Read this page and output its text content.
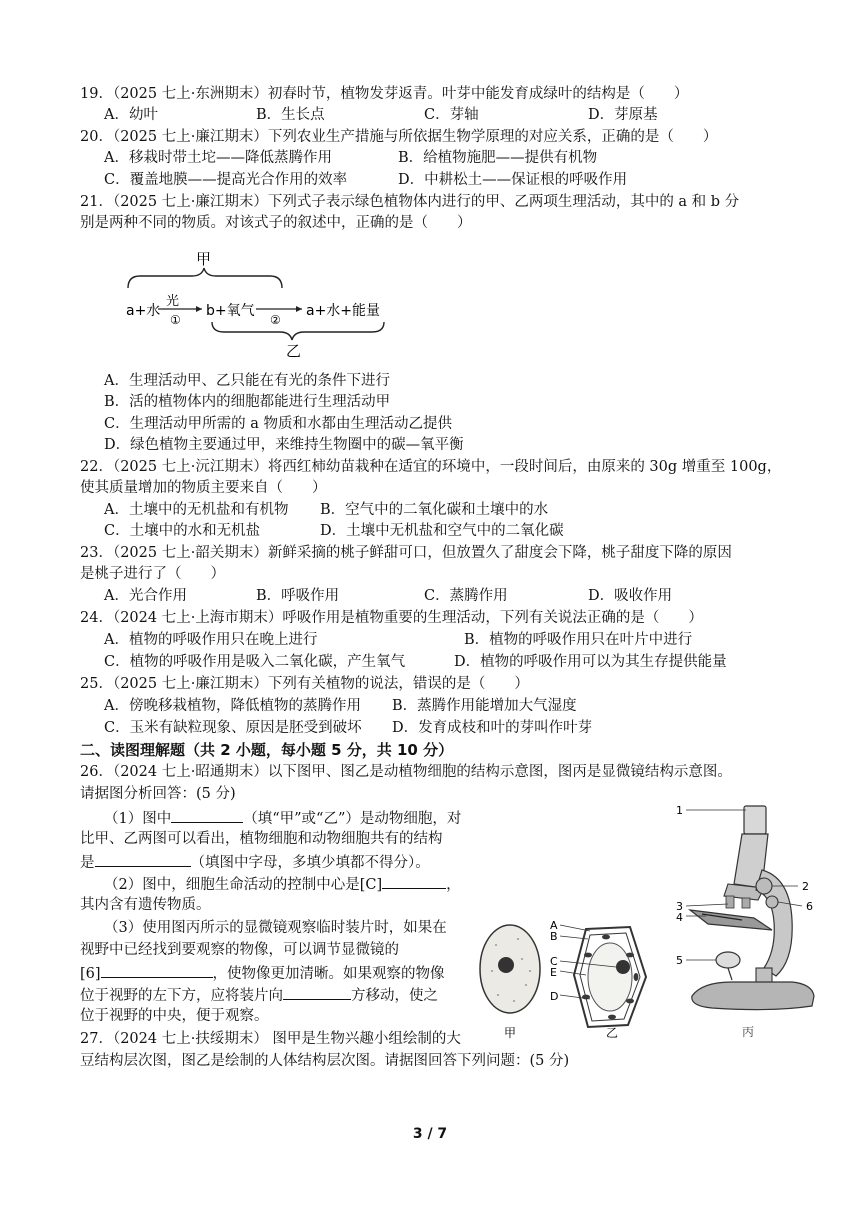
19．（2025 七上·东洲期末）初春时节，植物发芽返青。叶芽中能发育成绿叶的结构是（　　）
A．幼叶	B．生长点	C．芽轴	D．芽原基
20．（2025 七上·廉江期末）下列农业生产措施与所依据生物学原理的对应关系，正确的是（　　）
A．移栽时带土坨——降低蒸腾作用	B．给植物施肥——提供有机物
C．覆盖地膜——提高光合作用的效率	D．中耕松土——保证根的呼吸作用
21．（2025 七上·廉江期末）下列式子表示绿色植物体内进行的甲、乙两项生理活动，其中的 a 和 b 分
别是两种不同的物质。对该式子的叙述中，正确的是（　　）
甲
a+水
光
①
b+氧气
②
a+水+能量
乙
A．生理活动甲、乙只能在有光的条件下进行
B．活的植物体内的细胞都能进行生理活动甲
C．生理活动甲所需的 a 物质和水都由生理活动乙提供
D．绿色植物主要通过甲，来维持生物圈中的碳—氧平衡
22．（2025 七上·沅江期末）将西红柿幼苗栽种在适宜的环境中，一段时间后，由原来的 30g 增重至 100g，
使其质量增加的物质主要来自（　　）
A．土壤中的无机盐和有机物	B．空气中的二氧化碳和土壤中的水
C．土壤中的水和无机盐	D．土壤中无机盐和空气中的二氧化碳
23．（2025 七上·韶关期末）新鲜采摘的桃子鲜甜可口，但放置久了甜度会下降，桃子甜度下降的原因
是桃子进行了（　　）
A．光合作用	B．呼吸作用	C．蒸腾作用	D．吸收作用
24．（2024 七上·上海市期末）呼吸作用是植物重要的生理活动，下列有关说法正确的是（　　）
A．植物的呼吸作用只在晚上进行	B．植物的呼吸作用只在叶片中进行
C．植物的呼吸作用是吸入二氧化碳，产生氧气	D．植物的呼吸作用可以为其生存提供能量
25．（2025 七上·廉江期末）下列有关植物的说法，错误的是（　　）
A．傍晚移栽植物，降低植物的蒸腾作用	B．蒸腾作用能增加大气湿度
C．玉米有缺粒现象、原因是胚受到破坏	D．发育成枝和叶的芽叫作叶芽
二、读图理解题（共 2 小题，每小题 5 分，共 10 分）
26．（2024 七上·昭通期末）以下图甲、图乙是动植物细胞的结构示意图，图丙是显微镜结构示意图。
请据图分析回答：(5 分)
（1）图中	（填“甲”或“乙”）是动物细胞，对
比甲、乙两图可以看出，植物细胞和动物细胞共有的结构
是	（填图中字母，多填少填都不得分）。
（2）图中，细胞生命活动的控制中心是[C]	，
其内含有遗传物质。
（3）使用图丙所示的显微镜观察临时装片时，如果在
视野中已经找到要观察的物像，可以调节显微镜的
[6]	，使物像更加清晰。如果观察的物像
位于视野的左下方，应将装片向	方移动，使之
位于视野的中央，便于观察。
A
B
C
E
D
甲	乙
1
2
3
4
5
6
丙
27．（2024 七上·扶绥期末） 图甲是生物兴趣小组绘制的大
豆结构层次图，图乙是绘制的人体结构层次图。请据图回答下列问题：(5 分)
3 / 7
